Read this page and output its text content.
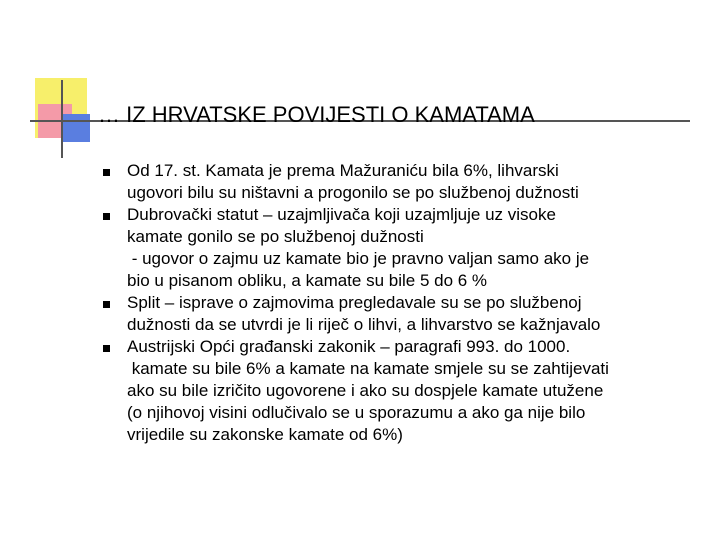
… IZ HRVATSKE POVIJESTI O KAMATAMA
Od 17. st. Kamata je prema Mažuraniću bila 6%, lihvarski
ugovori bilu su ništavni a progonilo se po službenoj dužnosti
Dubrovački statut – uzajmljivača koji uzajmljuje uz visoke
kamate gonilo se po službenoj dužnosti
- ugovor o zajmu uz kamate bio je pravno valjan samo ako je
bio u pisanom obliku, a kamate su bile 5 do 6 %
Split – isprave o zajmovima pregledavale su se po službenoj
dužnosti da se utvrdi je li riječ o lihvi, a lihvarstvo se kažnjavalo
Austrijski Opći građanski zakonik – paragrafi 993. do 1000.
kamate su bile 6% a kamate na kamate smjele su se zahtijevati
ako su bile izričito ugovorene i ako su dospjele kamate utužene
(o njihovoj visini odlučivalo se u sporazumu a ako ga nije bilo
vrijedile su zakonske kamate od 6%)
